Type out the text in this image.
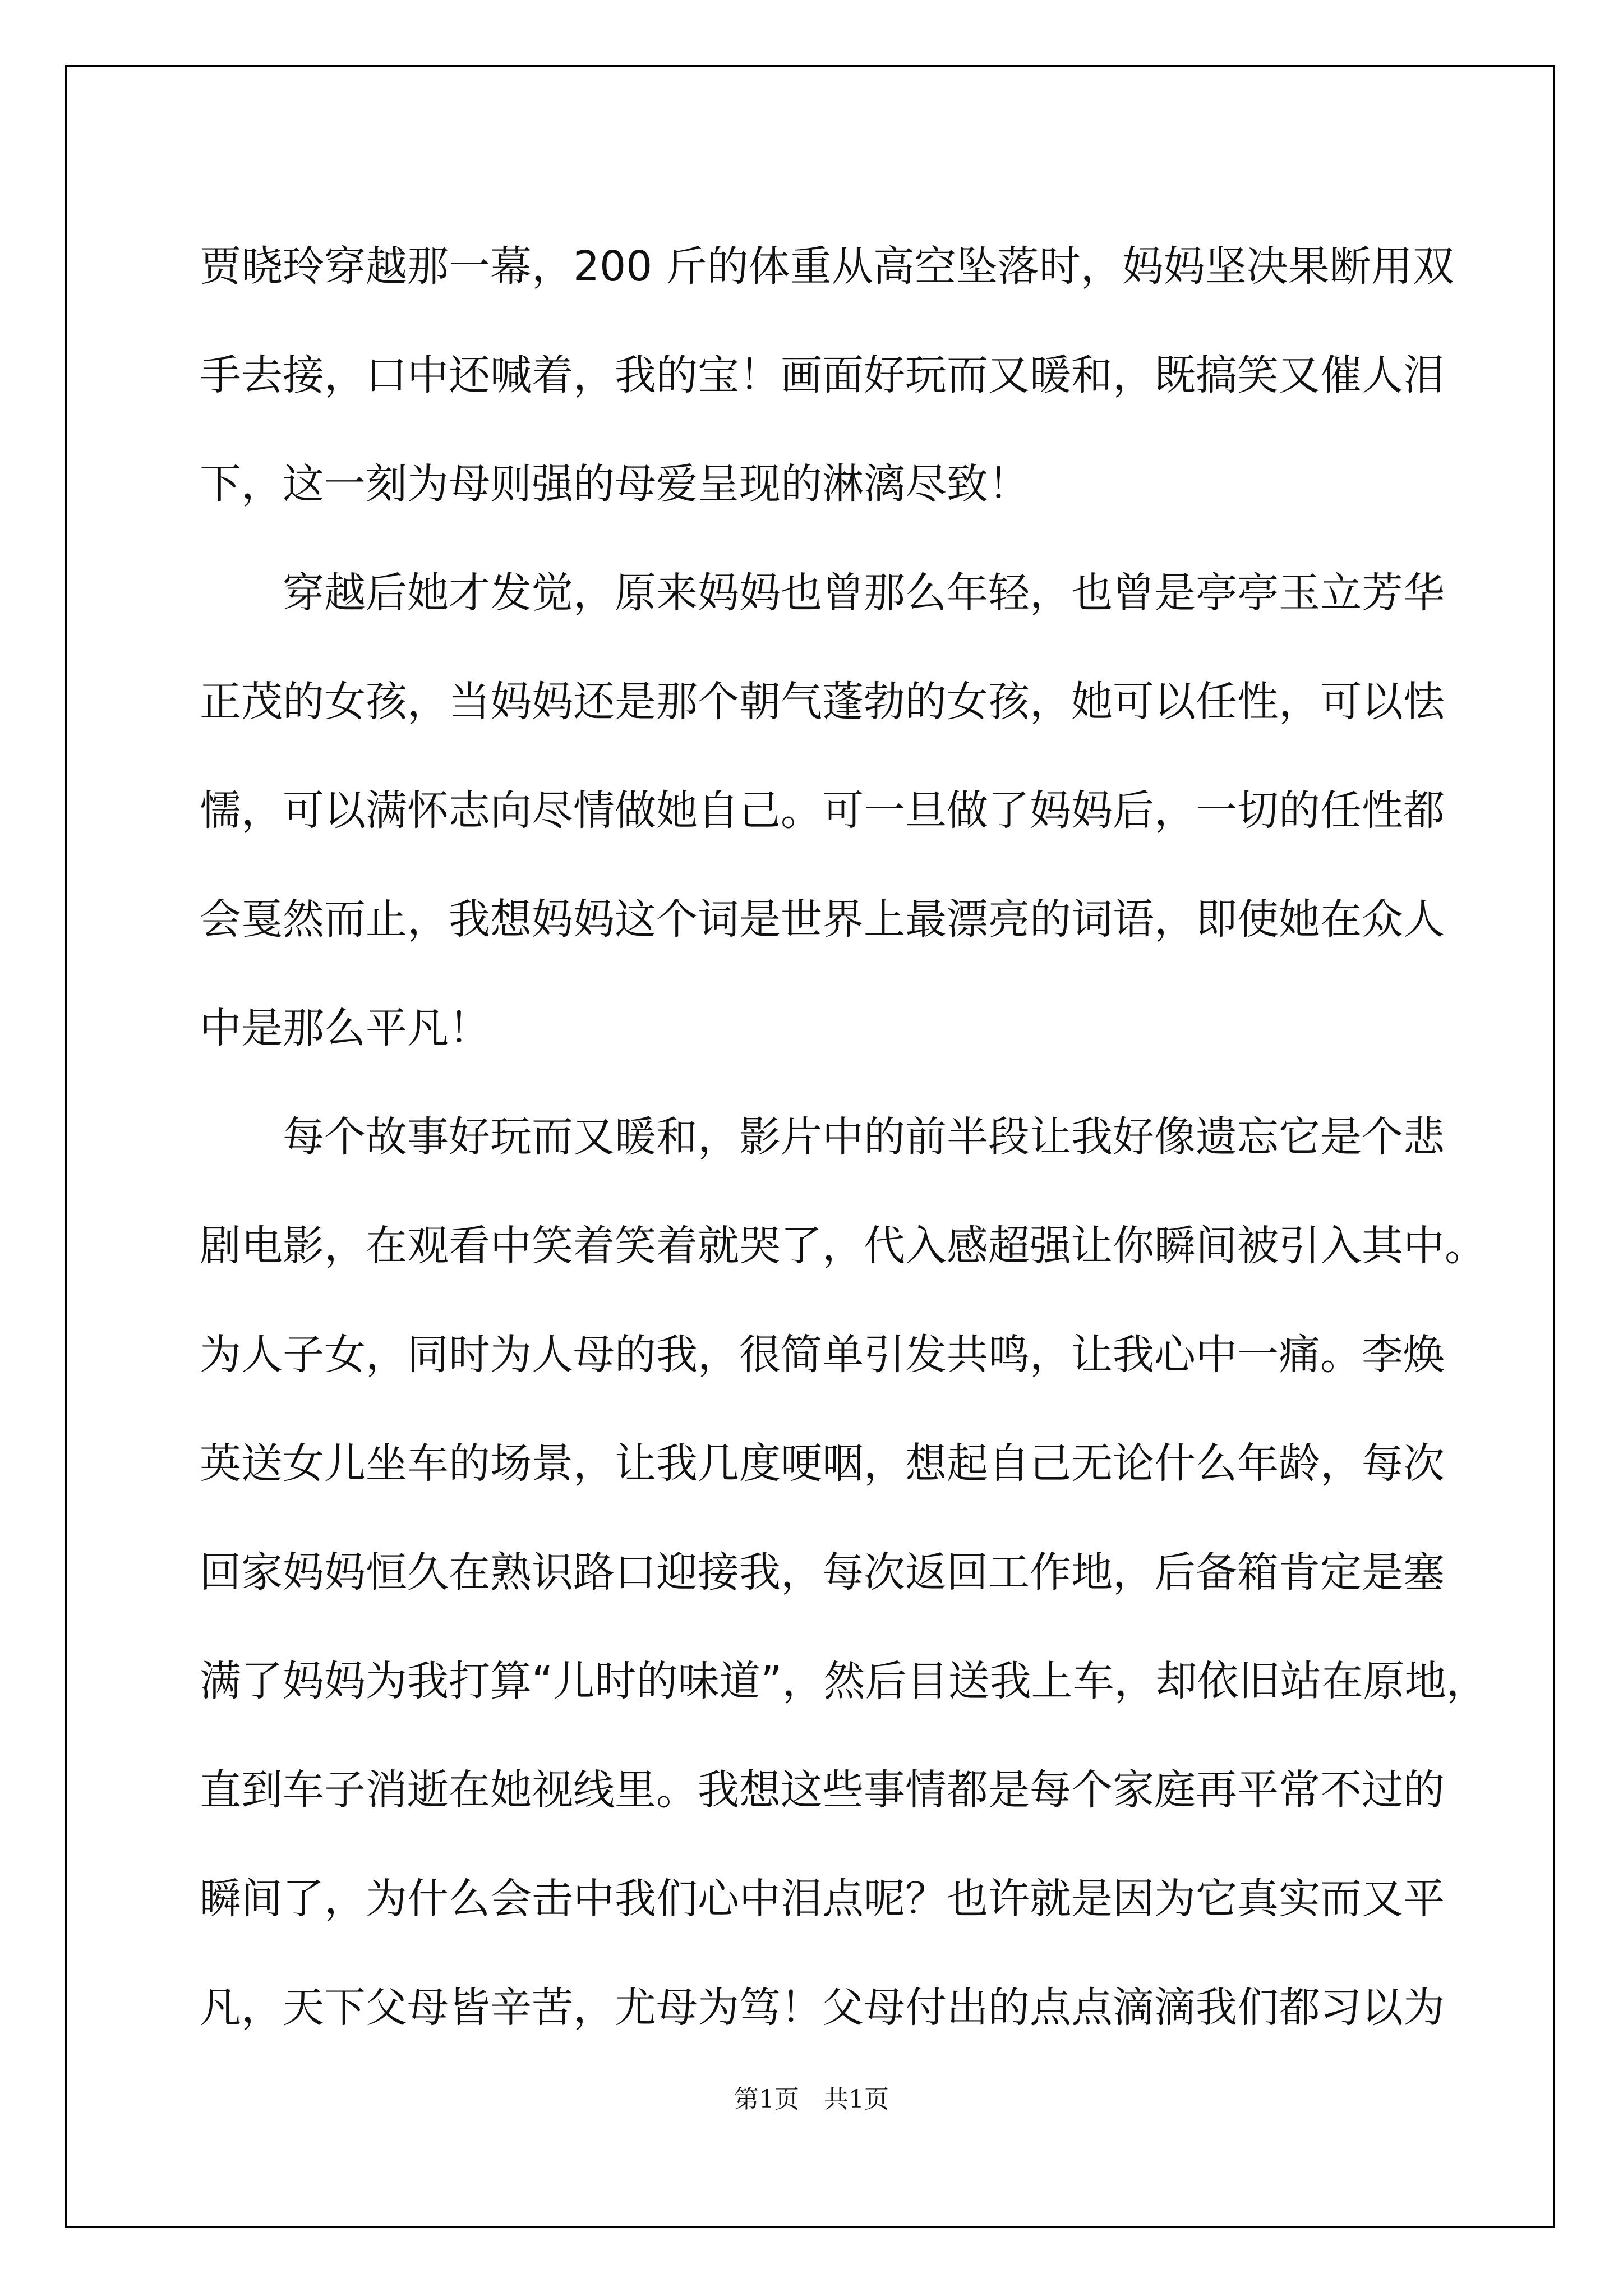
贾晓玲穿越那一幕，200 斤的体重从高空坠落时，妈妈坚决果断用双
手去接，口中还喊着，我的宝！画面好玩而又暖和，既搞笑又催人泪
下，这一刻为母则强的母爱呈现的淋漓尽致！
　　穿越后她才发觉，原来妈妈也曾那么年轻，也曾是亭亭玉立芳华
正茂的女孩，当妈妈还是那个朝气蓬勃的女孩，她可以任性，可以怯
懦，可以满怀志向尽情做她自己。可一旦做了妈妈后，一切的任性都
会戛然而止，我想妈妈这个词是世界上最漂亮的词语，即使她在众人
中是那么平凡！
　　每个故事好玩而又暖和，影片中的前半段让我好像遗忘它是个悲
剧电影，在观看中笑着笑着就哭了，代入感超强让你瞬间被引入其中。
为人子女，同时为人母的我，很简单引发共鸣，让我心中一痛。李焕
英送女儿坐车的场景，让我几度哽咽，想起自己无论什么年龄，每次
回家妈妈恒久在熟识路口迎接我，每次返回工作地，后备箱肯定是塞
满了妈妈为我打算“儿时的味道”，然后目送我上车，却依旧站在原地，
直到车子消逝在她视线里。我想这些事情都是每个家庭再平常不过的
瞬间了，为什么会击中我们心中泪点呢？也许就是因为它真实而又平
凡，天下父母皆辛苦，尤母为笃！父母付出的点点滴滴我们都习以为
第1页　共1页
